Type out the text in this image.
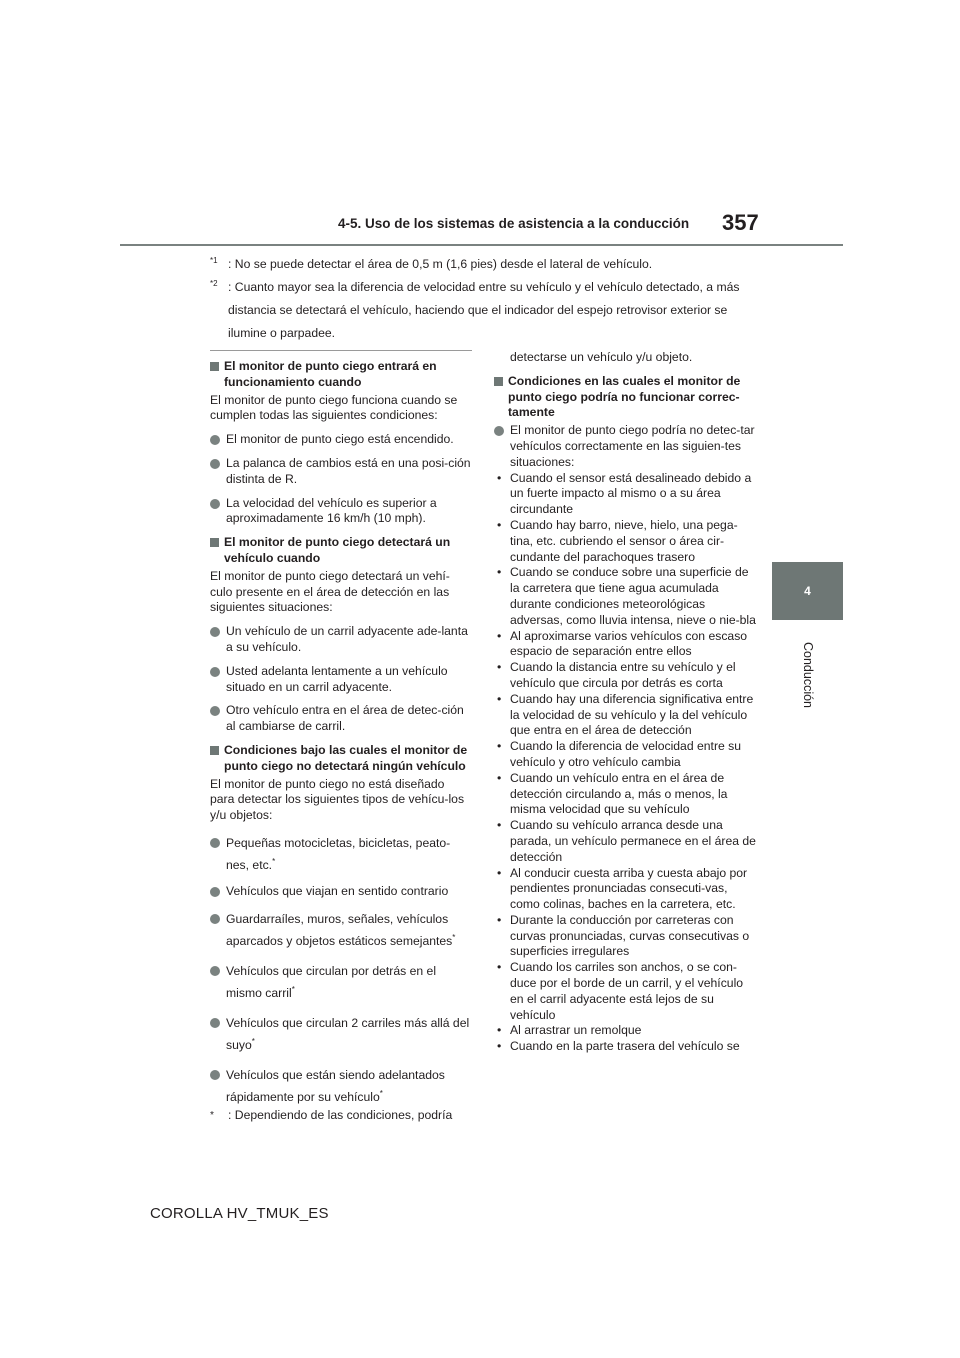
4-5. Uso de los sistemas de asistencia a la conducción 357
4
Conducción
$^{*1}$ : No se puede detectar el área de 0,5 m (1,6 pies) desde el lateral de vehículo.
$^{*2}$ : Cuanto mayor sea la diferencia de velocidad entre su vehículo y el vehículo detectado, a más distancia se detectará el vehículo, haciendo que el indicador del espejo retrovisor exterior se ilumine o parpadee.

El monitor de punto ciego entrará en funcionamiento cuando

El monitor de punto ciego funciona cuando se cumplen todas las siguientes condiciones:

El monitor de punto ciego está encendido.

La palanca de cambios está en una posi-ción distinta de R.

La velocidad del vehículo es superior a aproximadamente 16 km/h (10 mph).

El monitor de punto ciego detectará un vehículo cuando

El monitor de punto ciego detectará un vehí-culo presente en el área de detección en las siguientes situaciones:

Un vehículo de un carril adyacente ade-lanta a su vehículo.

Usted adelanta lentamente a un vehículo situado en un carril adyacente.

Otro vehículo entra en el área de detec-ción al cambiarse de carril.

Condiciones bajo las cuales el monitor de punto ciego no detectará ningún vehículo

El monitor de punto ciego no está diseñado para detectar los siguientes tipos de vehícu-los y/u objetos:

Pequeñas motocicletas, bicicletas, peato-nes, etc.*

Vehículos que viajan en sentido contrario

Guardarraíles, muros, señales, vehículos aparcados y objetos estáticos semejantes*

Vehículos que circulan por detrás en el mismo carril*

Vehículos que circulan 2 carriles más allá del suyo*

Vehículos que están siendo adelantados rápidamente por su vehículo*

* : Dependiendo de las condiciones, podría

detectarse un vehículo y/u objeto.

Condiciones en las cuales el monitor de punto ciego podría no funcionar correc-tamente

El monitor de punto ciego podría no detec-tar vehículos correctamente en las siguien-tes situaciones:

• Cuando el sensor está desalineado debido a un fuerte impacto al mismo o a su área circundante
• Cuando hay barro, nieve, hielo, una pega-tina, etc. cubriendo el sensor o área cir-cundante del parachoques trasero
• Cuando se conduce sobre una superficie de la carretera que tiene agua acumulada durante condiciones meteorológicas adversas, como lluvia intensa, nieve o nie-bla
• Al aproximarse varios vehículos con escaso espacio de separación entre ellos
• Cuando la distancia entre su vehículo y el vehículo que circula por detrás es corta
• Cuando hay una diferencia significativa entre la velocidad de su vehículo y la del vehículo que entra en el área de detección
• Cuando la diferencia de velocidad entre su vehículo y otro vehículo cambia
• Cuando un vehículo entra en el área de detección circulando a, más o menos, la misma velocidad que su vehículo
• Cuando su vehículo arranca desde una parada, un vehículo permanece en el área de detección
• Al conducir cuesta arriba y cuesta abajo por pendientes pronunciadas consecuti-vas, como colinas, baches en la carretera, etc.
• Durante la conducción por carreteras con curvas pronunciadas, curvas consecutivas o superficies irregulares
• Cuando los carriles son anchos, o se con-duce por el borde de un carril, y el vehículo en el carril adyacente está lejos de su vehículo
• Al arrastrar un remolque
• Cuando en la parte trasera del vehículo se
COROLLA HV_TMUK_ES
